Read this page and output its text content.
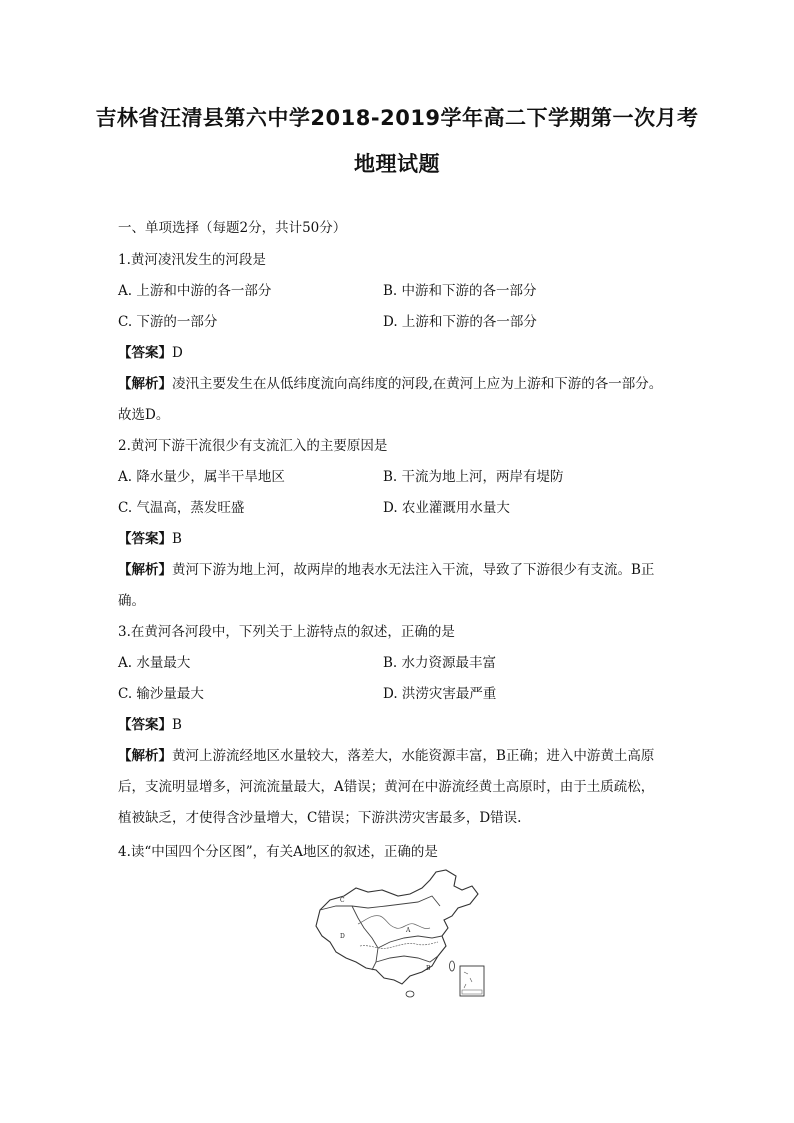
吉林省汪清县第六中学2018-2019学年高二下学期第一次月考
地理试题
一、单项选择（每题2分，共计50分）
1.黄河凌汛发生的河段是
A. 上游和中游的各一部分	B. 中游和下游的各一部分
C. 下游的一部分	D. 上游和下游的各一部分
【答案】D
【解析】凌汛主要发生在从低纬度流向高纬度的河段,在黄河上应为上游和下游的各一部分。
故选D。
2.黄河下游干流很少有支流汇入的主要原因是
A. 降水量少，属半干旱地区	B. 干流为地上河，两岸有堤防
C. 气温高，蒸发旺盛	D. 农业灌溉用水量大
【答案】B
【解析】黄河下游为地上河，故两岸的地表水无法注入干流，导致了下游很少有支流。B正
确。
3.在黄河各河段中，下列关于上游特点的叙述，正确的是
A. 水量最大	B. 水力资源最丰富
C. 输沙量最大	D. 洪涝灾害最严重
【答案】B
【解析】黄河上游流经地区水量较大，落差大，水能资源丰富，B正确；进入中游黄土高原
后，支流明显增多，河流流量最大，A错误；黄河在中游流经黄土高原时，由于土质疏松，
植被缺乏，才使得含沙量增大，C错误；下游洪涝灾害最多，D错误.
4.读“中国四个分区图”，有关A地区的叙述，正确的是
A
B
C
D
